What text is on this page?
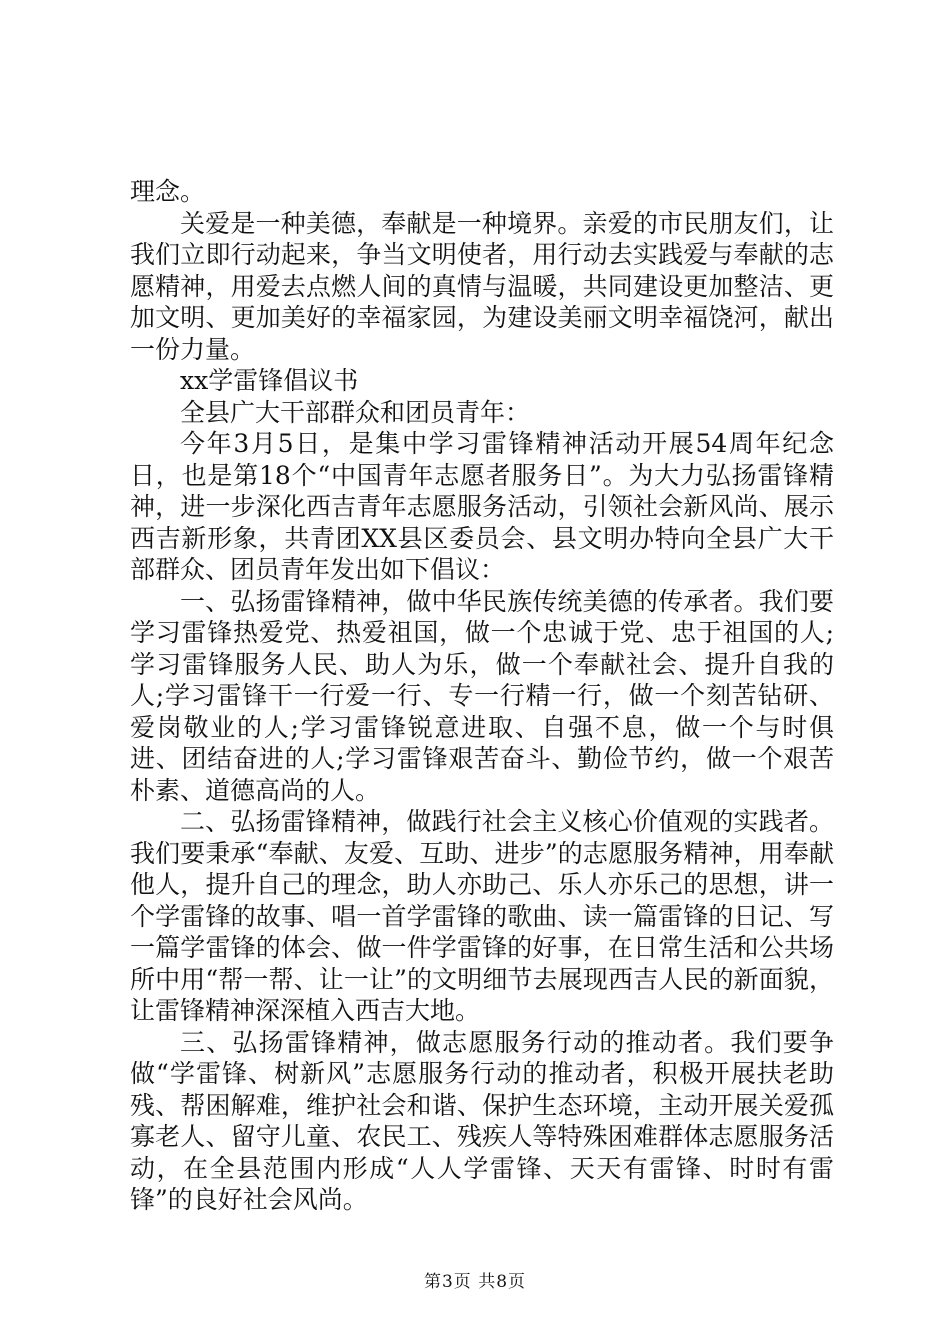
理念。

关爱是一种美德，奉献是一种境界。亲爱的市民朋友们，让我们立即行动起来，争当文明使者，用行动去实践爱与奉献的志愿精神，用爱去点燃人间的真情与温暖，共同建设更加整洁、更加文明、更加美好的幸福家园，为建设美丽文明幸福饶河，献出一份力量。

xx学雷锋倡议书

全县广大干部群众和团员青年：

今年3月5日，是集中学习雷锋精神活动开展54周年纪念日，也是第18个“中国青年志愿者服务日”。为大力弘扬雷锋精神，进一步深化西吉青年志愿服务活动，引领社会新风尚、展示西吉新形象，共青团XX县区委员会、县文明办特向全县广大干部群众、团员青年发出如下倡议：

一、弘扬雷锋精神，做中华民族传统美德的传承者。我们要学习雷锋热爱党、热爱祖国，做一个忠诚于党、忠于祖国的人;学习雷锋服务人民、助人为乐，做一个奉献社会、提升自我的人;学习雷锋干一行爱一行、专一行精一行，做一个刻苦钻研、爱岗敬业的人;学习雷锋锐意进取、自强不息，做一个与时俱进、团结奋进的人;学习雷锋艰苦奋斗、勤俭节约，做一个艰苦朴素、道德高尚的人。

二、弘扬雷锋精神，做践行社会主义核心价值观的实践者。我们要秉承“奉献、友爱、互助、进步”的志愿服务精神，用奉献他人，提升自己的理念，助人亦助己、乐人亦乐己的思想，讲一个学雷锋的故事、唱一首学雷锋的歌曲、读一篇雷锋的日记、写一篇学雷锋的体会、做一件学雷锋的好事，在日常生活和公共场所中用“帮一帮、让一让”的文明细节去展现西吉人民的新面貌，让雷锋精神深深植入西吉大地。

三、弘扬雷锋精神，做志愿服务行动的推动者。我们要争做“学雷锋、树新风”志愿服务行动的推动者，积极开展扶老助残、帮困解难，维护社会和谐、保护生态环境，主动开展关爱孤寡老人、留守儿童、农民工、残疾人等特殊困难群体志愿服务活动，在全县范围内形成“人人学雷锋、天天有雷锋、时时有雷锋”的良好社会风尚。

第3页 共8页
